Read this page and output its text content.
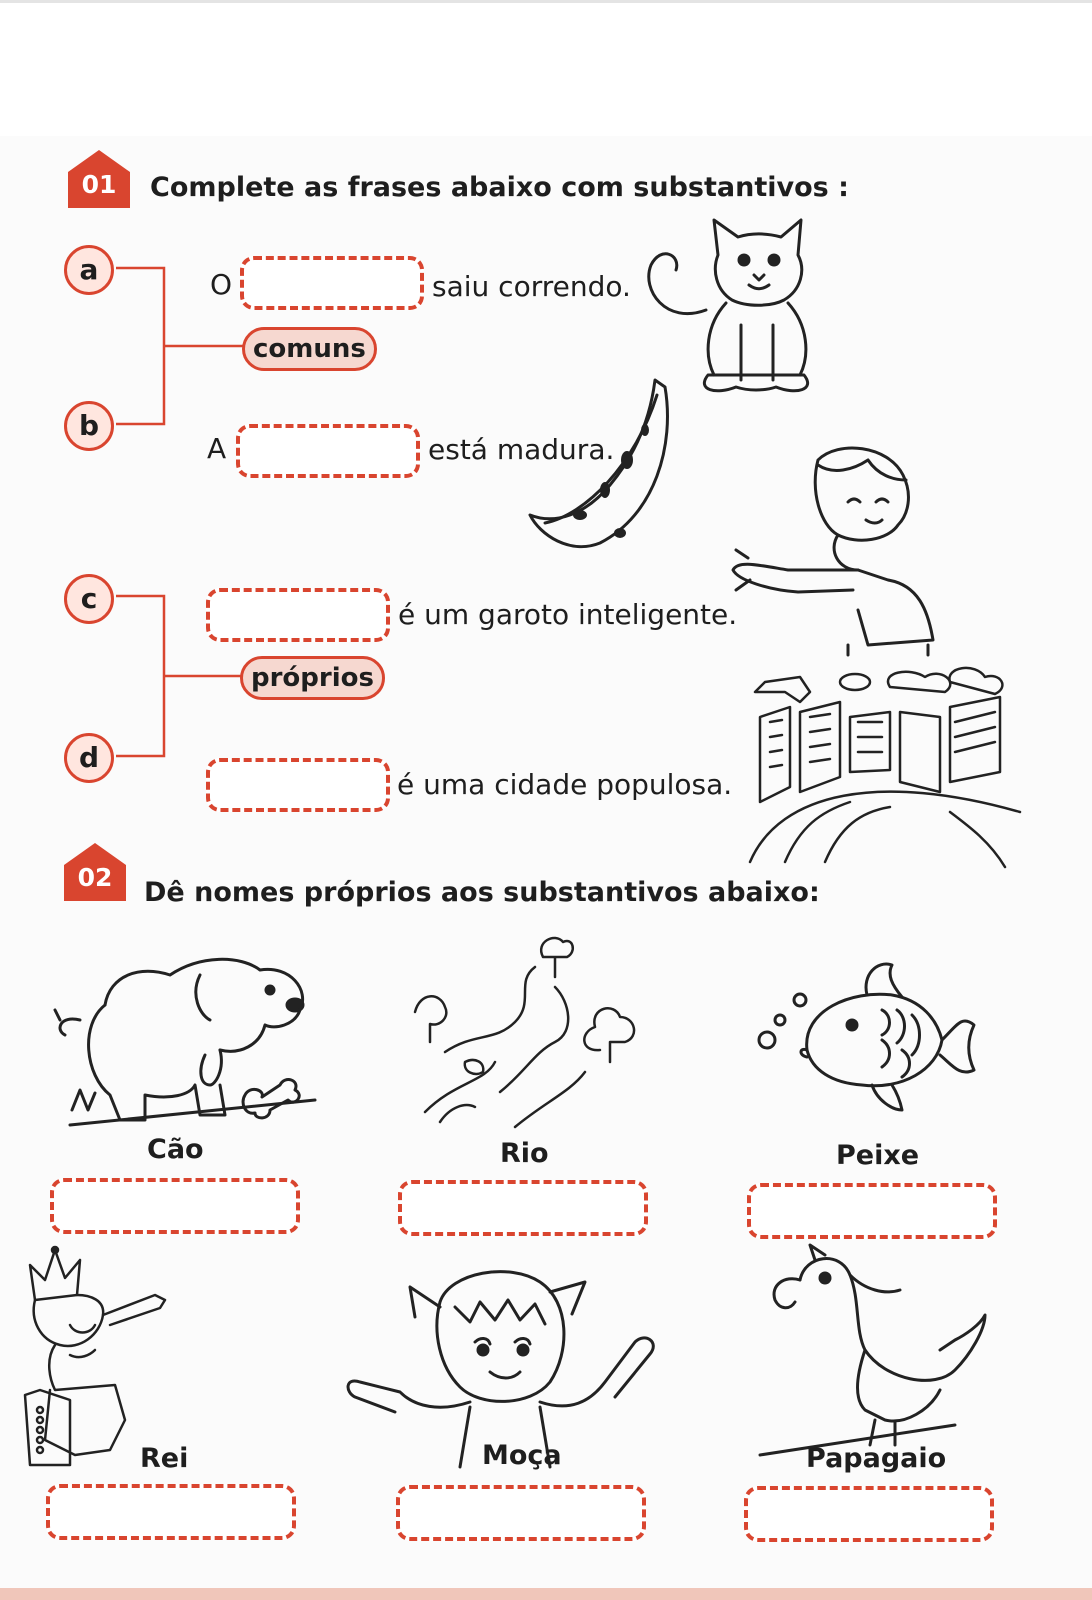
01	Complete as frases abaixo com substantivos :
a
b
c
d
comuns
próprios
O	saiu correndo.
A	está madura.
é um garoto inteligente.
é uma cidade populosa.
02	Dê nomes próprios aos substantivos abaixo:
Cão	Rio	Peixe
Rei	Moça	Papagaio
